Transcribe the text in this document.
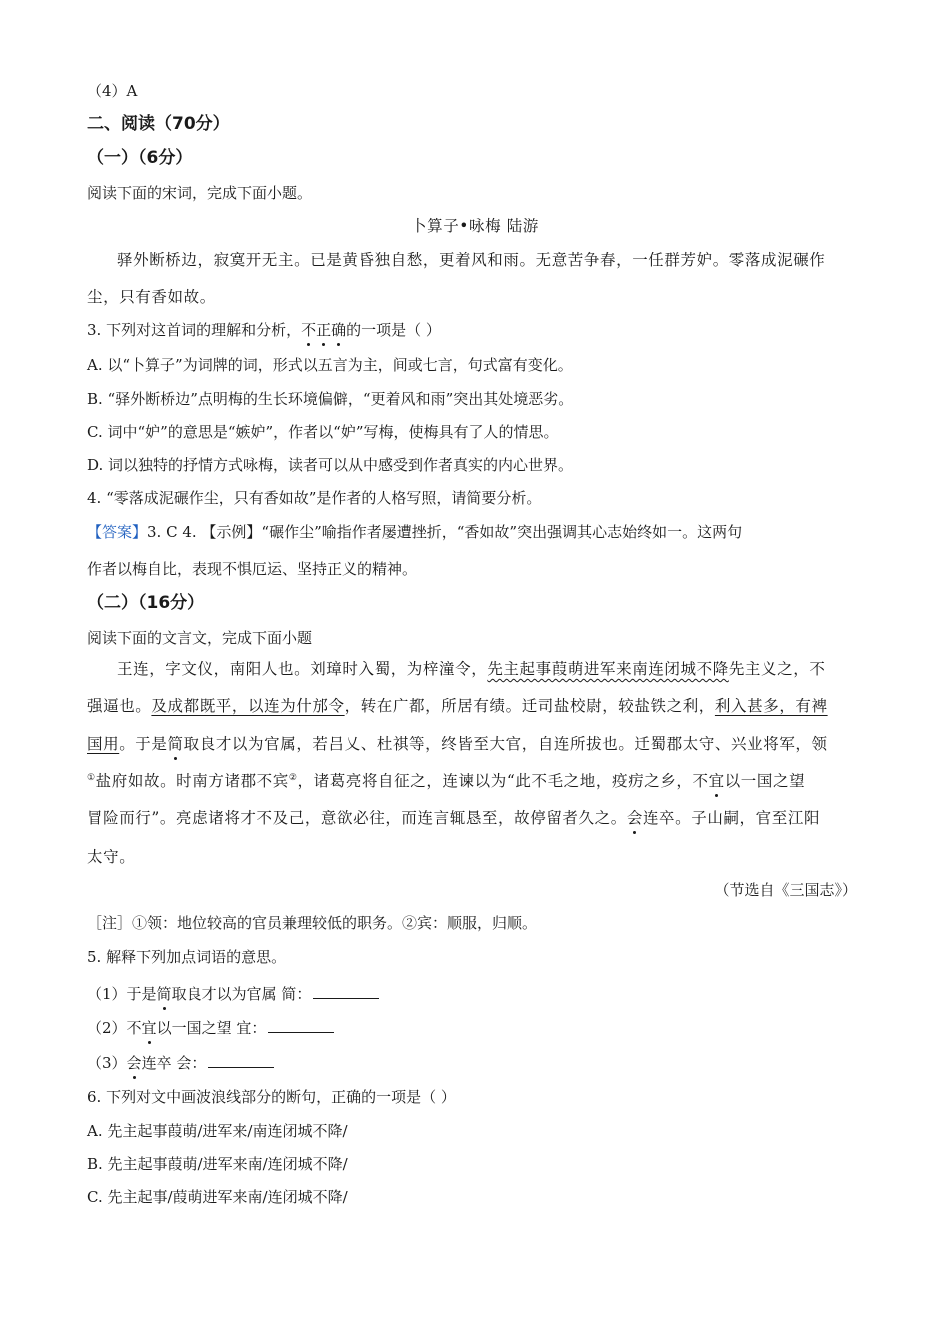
（4）A
二、阅读（70分）
（一）（6分）
阅读下面的宋词，完成下面小题。
卜算子•咏梅 陆游
驿外断桥边，寂寞开无主。已是黄昏独自愁，更着风和雨。无意苦争春，一任群芳妒。零落成泥碾作
尘，只有香如故。
3. 下列对这首词的理解和分析，不正确的一项是（ ）
A. 以“卜算子”为词牌的词，形式以五言为主，间或七言，句式富有变化。
B. “驿外断桥边”点明梅的生长环境偏僻，“更着风和雨”突出其处境恶劣。
C. 词中“妒”的意思是“嫉妒”，作者以“妒”写梅，使梅具有了人的情思。
D. 词以独特的抒情方式咏梅，读者可以从中感受到作者真实的内心世界。
4. “零落成泥碾作尘，只有香如故”是作者的人格写照，请简要分析。
【答案】3. C 4. 【示例】“碾作尘”喻指作者屡遭挫折，“香如故”突出强调其心志始终如一。这两句
作者以梅自比，表现不惧厄运、坚持正义的精神。
（二）（16分）
阅读下面的文言文，完成下面小题
王连，字文仪，南阳人也。刘璋时入蜀，为梓潼令，先主起事葭萌进军来南连闭城不降先主义之，不
强逼也。及成都既平，以连为什邡令，转在广都，所居有绩。迁司盐校尉，较盐铁之利，利入甚多，有裨
国用。于是简取良才以为官属，若吕乂、杜祺等，终皆至大官，自连所拔也。迁蜀郡太守、兴业将军，领
①盐府如故。时南方诸郡不宾②，诸葛亮将自征之，连谏以为“此不毛之地，疫疠之乡，不宜以一国之望
冒险而行”。亮虑诸将才不及己，意欲必往，而连言辄恳至，故停留者久之。会连卒。子山嗣，官至江阳
太守。
（节选自《三国志》）
［注］①领：地位较高的官员兼理较低的职务。②宾：顺服，归顺。
5. 解释下列加点词语的意思。
（1）于是简取良才以为官属 简：
（2）不宜以一国之望 宜：
（3）会连卒 会：
6. 下列对文中画波浪线部分的断句，正确的一项是（ ）
A. 先主起事葭萌/进军来/南连闭城不降/
B. 先主起事葭萌/进军来南/连闭城不降/
C. 先主起事/葭萌进军来南/连闭城不降/
